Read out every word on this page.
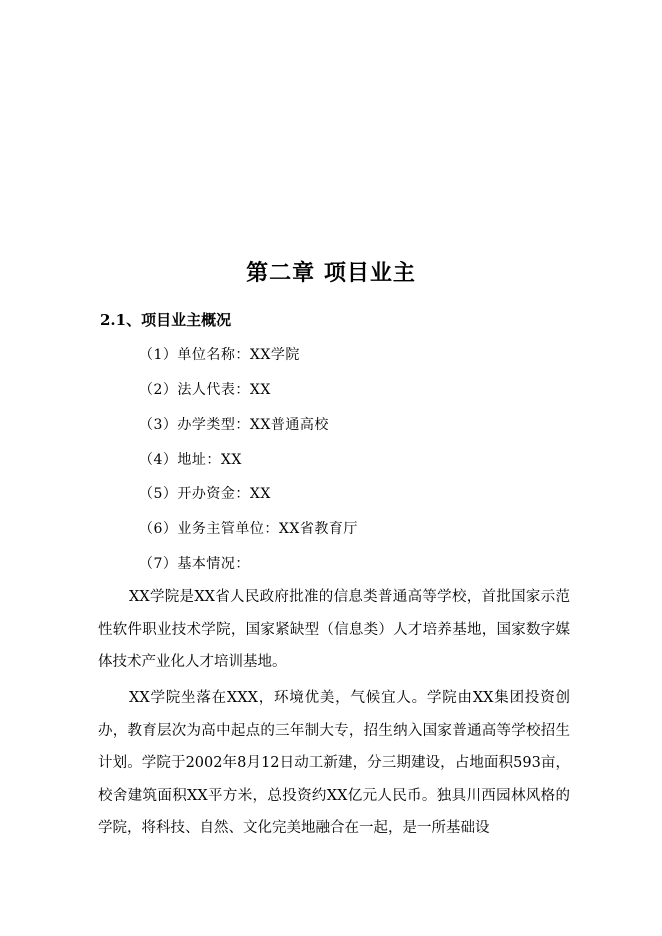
第二章 项目业主
2.1、项目业主概况
（1）单位名称：XX学院
（2）法人代表：XX
（3）办学类型：XX普通高校
（4）地址：XX
（5）开办资金：XX
（6）业务主管单位：XX省教育厅
（7）基本情况：
XX学院是XX省人民政府批准的信息类普通高等学校，首批国家示范性软件职业技术学院，国家紧缺型（信息类）人才培养基地，国家数字媒体技术产业化人才培训基地。
XX学院坐落在XXX，环境优美，气候宜人。学院由XX集团投资创办，教育层次为高中起点的三年制大专，招生纳入国家普通高等学校招生计划。学院于2002年8月12日动工新建，分三期建设，占地面积593亩，校舍建筑面积XX平方米，总投资约XX亿元人民币。独具川西园林风格的学院，将科技、自然、文化完美地融合在一起，是一所基础设
